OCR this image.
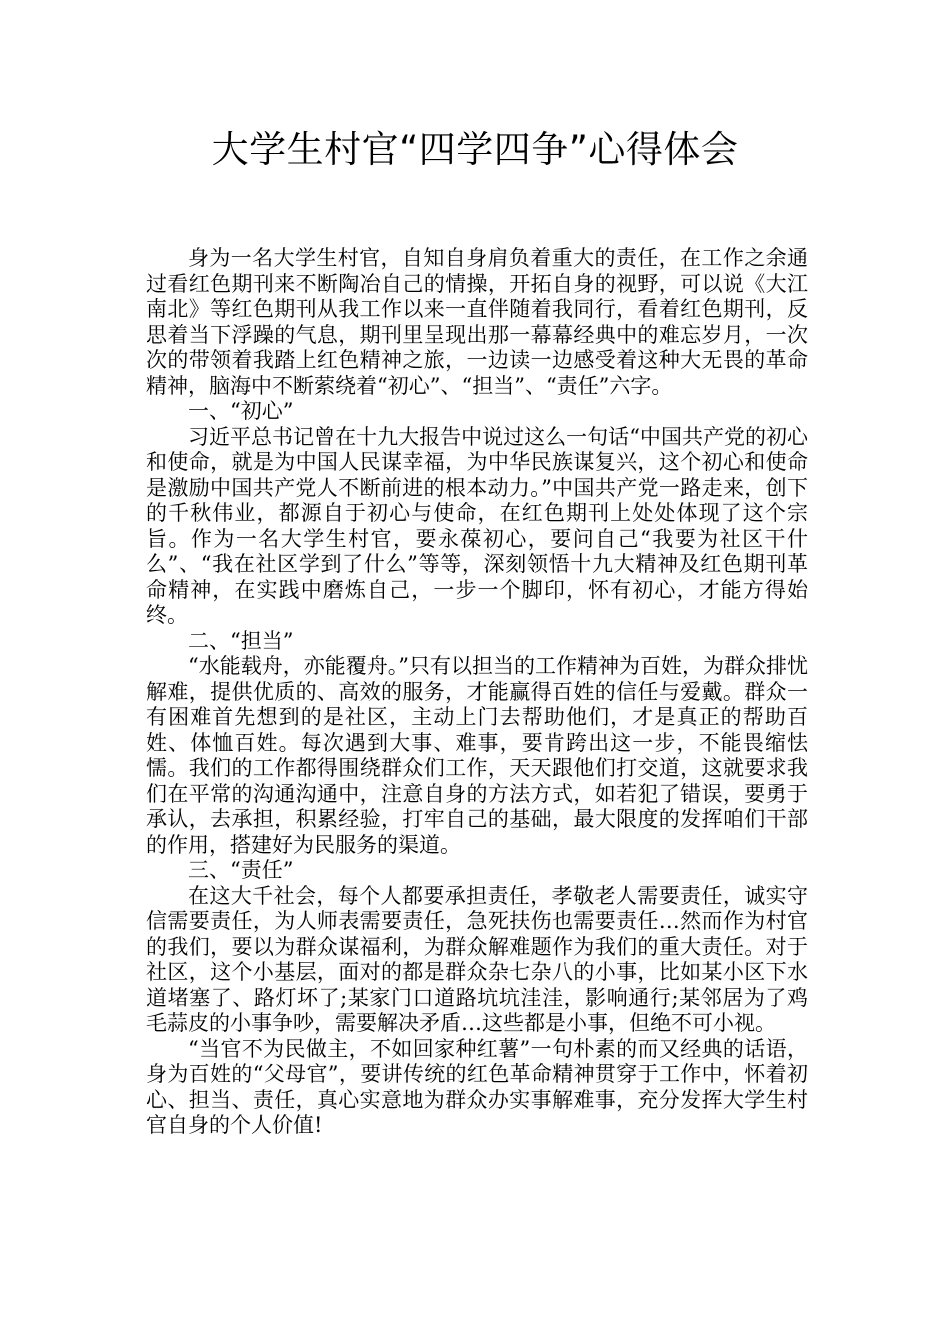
大学生村官“四学四争”心得体会

身为一名大学生村官，自知自身肩负着重大的责任，在工作之余通过看红色期刊来不断陶冶自己的情操，开拓自身的视野，可以说《大江南北》等红色期刊从我工作以来一直伴随着我同行，看着红色期刊，反思着当下浮躁的气息，期刊里呈现出那一幕幕经典中的难忘岁月，一次次的带领着我踏上红色精神之旅，一边读一边感受着这种大无畏的革命精神，脑海中不断萦绕着“初心”、“担当”、“责任”六字。

一、“初心”

习近平总书记曾在十九大报告中说过这么一句话“中国共产党的初心和使命，就是为中国人民谋幸福，为中华民族谋复兴，这个初心和使命是激励中国共产党人不断前进的根本动力。”中国共产党一路走来，创下的千秋伟业，都源自于初心与使命，在红色期刊上处处体现了这个宗旨。作为一名大学生村官，要永葆初心，要问自己“我要为社区干什么”、“我在社区学到了什么”等等，深刻领悟十九大精神及红色期刊革命精神，在实践中磨炼自己，一步一个脚印，怀有初心，才能方得始终。

二、“担当”

“水能载舟，亦能覆舟。”只有以担当的工作精神为百姓，为群众排忧解难，提供优质的、高效的服务，才能赢得百姓的信任与爱戴。群众一有困难首先想到的是社区，主动上门去帮助他们，才是真正的帮助百姓、体恤百姓。每次遇到大事、难事，要肯跨出这一步，不能畏缩怯懦。我们的工作都得围绕群众们工作，天天跟他们打交道，这就要求我们在平常的沟通沟通中，注意自身的方法方式，如若犯了错误，要勇于承认，去承担，积累经验，打牢自己的基础，最大限度的发挥咱们干部的作用，搭建好为民服务的渠道。

三、“责任”

在这大千社会，每个人都要承担责任，孝敬老人需要责任，诚实守信需要责任，为人师表需要责任，急死扶伤也需要责任…然而作为村官的我们，要以为群众谋福利，为群众解难题作为我们的重大责任。对于社区，这个小基层，面对的都是群众杂七杂八的小事，比如某小区下水道堵塞了、路灯坏了;某家门口道路坑坑洼洼，影响通行;某邻居为了鸡毛蒜皮的小事争吵，需要解决矛盾…这些都是小事，但绝不可小视。

“当官不为民做主，不如回家种红薯”一句朴素的而又经典的话语，身为百姓的“父母官”，要讲传统的红色革命精神贯穿于工作中，怀着初心、担当、责任，真心实意地为群众办实事解难事，充分发挥大学生村官自身的个人价值!
